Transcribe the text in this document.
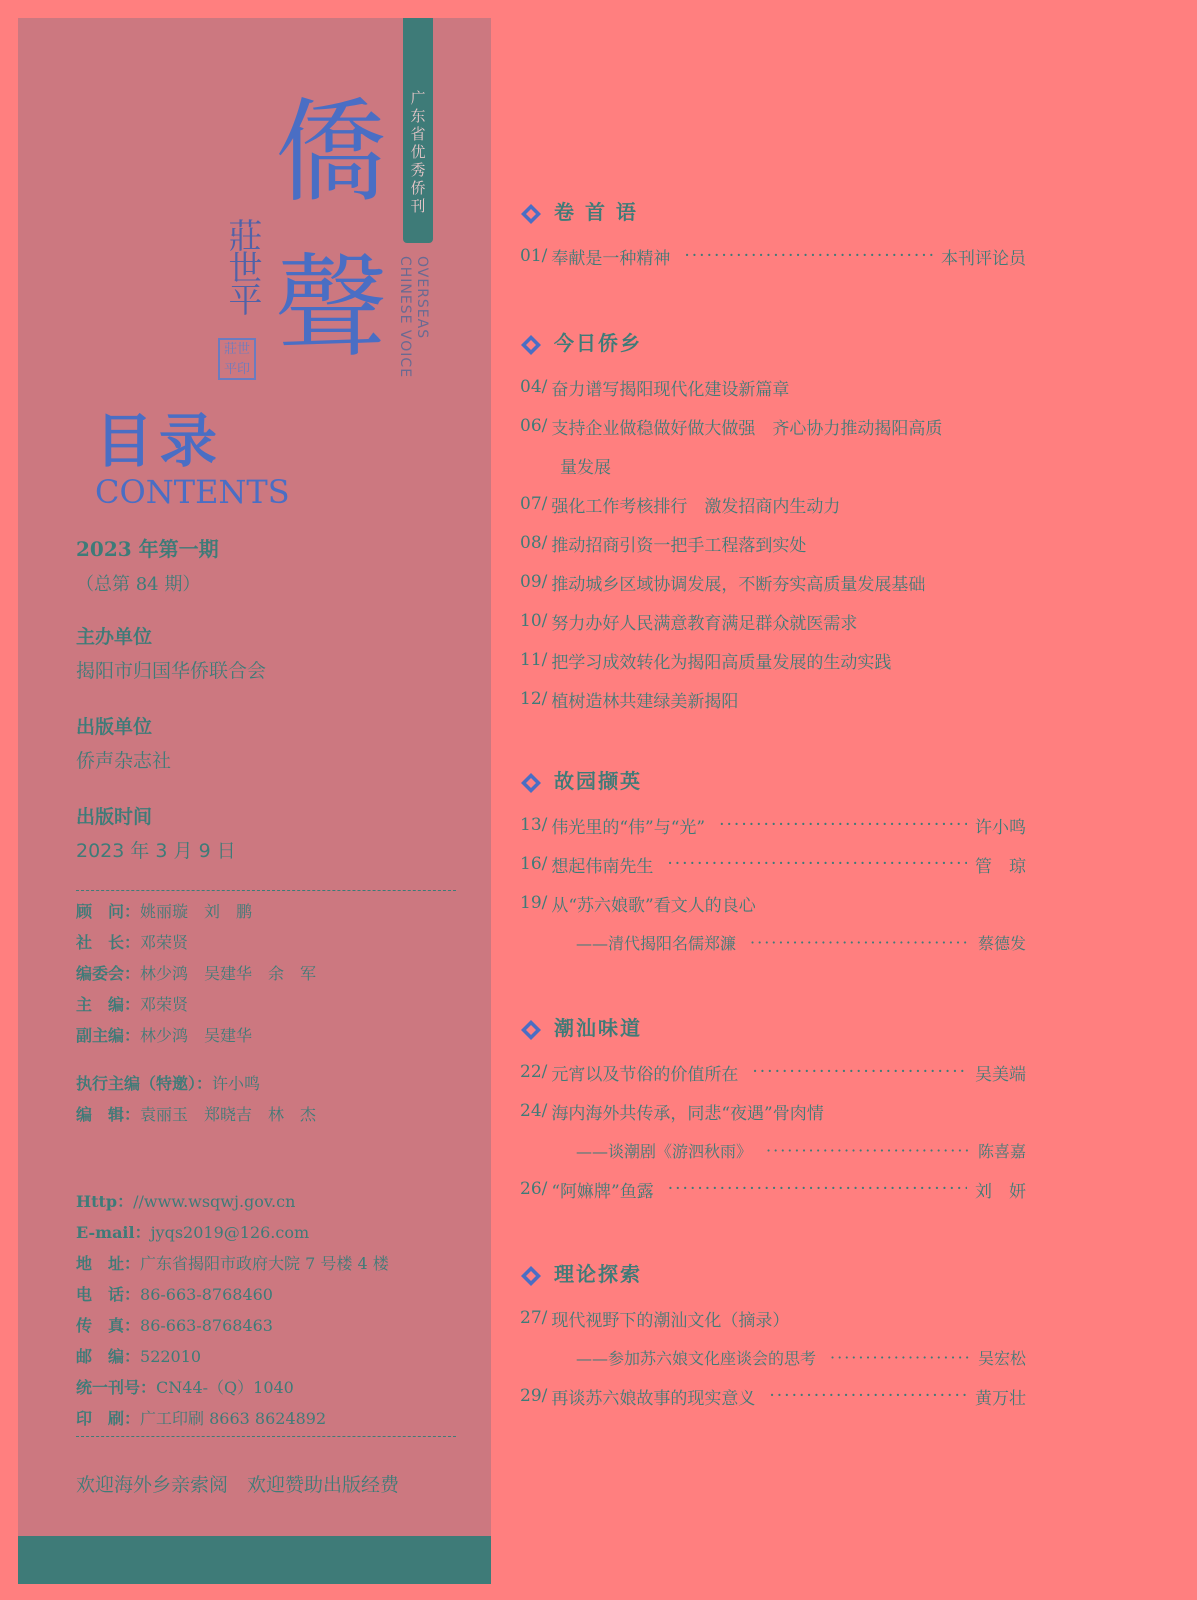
广东省优秀侨刊
OVERSEAS
CHINESE VOICE
僑
聲
莊世平
莊世平印
目录
CONTENTS
2023 年第一期
（总第 84 期）
主办单位
揭阳市归国华侨联合会
出版单位
侨声杂志社
出版时间
2023 年 3 月 9 日
顾　问：姚丽璇　刘　鹏
社　长：邓荣贤
编委会：林少鸿　吴建华　余　军
主　编：邓荣贤
副主编：林少鸿　吴建华
执行主编（特邀）：许小鸣
编　辑：袁丽玉　郑晓吉　林　杰
Http：//www.wsqwj.gov.cn
E-mail：jyqs2019@126.com
地　址：广东省揭阳市政府大院 7 号楼 4 楼
电　话：86-663-8768460
传　真：86-663-8768463
邮　编：522010
统一刊号：CN44-（Q）1040
印　刷：广工印刷 8663 8624892
欢迎海外乡亲索阅　欢迎赞助出版经费
卷 首 语
01/ 奉献是一种精神 ·····	本刊评论员
今日侨乡
04/ 奋力谱写揭阳现代化建设新篇章
06/ 支持企业做稳做好做大做强　齐心协力推动揭阳高质
量发展
07/ 强化工作考核排行　激发招商内生动力
08/ 推动招商引资一把手工程落到实处
09/ 推动城乡区域协调发展，不断夯实高质量发展基础
10/ 努力办好人民满意教育满足群众就医需求
11/ 把学习成效转化为揭阳高质量发展的生动实践
12/ 植树造林共建绿美新揭阳
故园撷英
13/ 伟光里的“伟”与“光” ·····	许小鸣
16/ 想起伟南先生 ·····	管　琼
19/ 从“苏六娘歌”看文人的良心
——清代揭阳名儒郑濂 ·····	蔡德发
潮汕味道
22/ 元宵以及节俗的价值所在 ·····	吴美端
24/ 海内海外共传承，同悲“夜遇”骨肉情
——谈潮剧《游泗秋雨》 ·····	陈喜嘉
26/ “阿嫲牌”鱼露 ·····	刘　妍
理论探索
27/ 现代视野下的潮汕文化（摘录）
——参加苏六娘文化座谈会的思考 ·····	吴宏松
29/ 再谈苏六娘故事的现实意义 ·····	黄万壮
